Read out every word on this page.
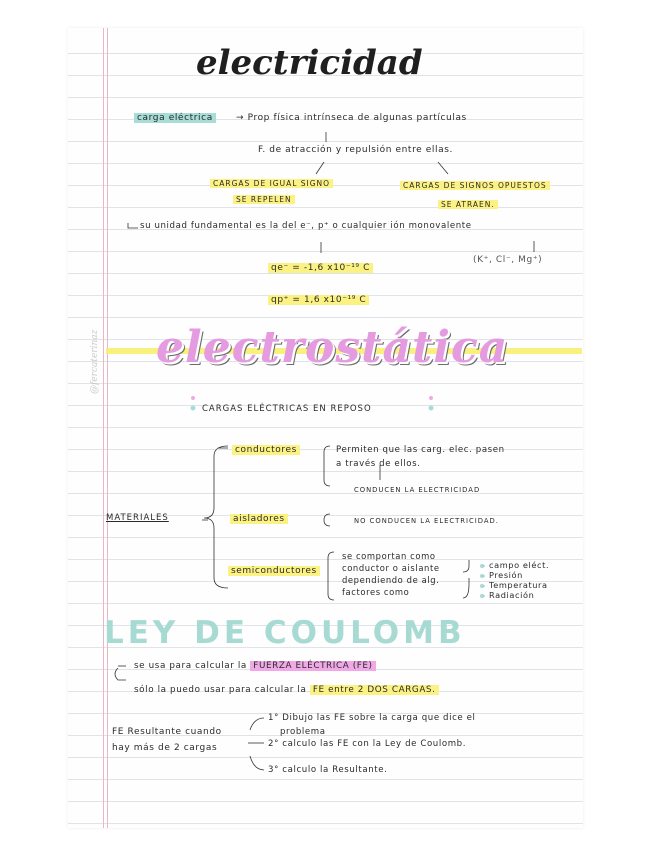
@fercaterinaz
electricidad
carga eléctrica	→ Prop física intrínseca de algunas partículas
F. de atracción y repulsión entre ellas.
CARGAS DE IGUAL SIGNO
SE REPELEN
CARGAS DE SIGNOS OPUESTOS
SE ATRAEN.
su unidad fundamental es la del e⁻, p⁺ o cualquier ión monovalente
(K⁺, Cl⁻, Mg⁺)
qe⁻ = -1,6 x10⁻¹⁹ C
qp⁺ = 1,6 x10⁻¹⁹ C
electrostática
CARGAS ELÉCTRICAS EN REPOSO
MATERIALES
conductores	Permiten que las carg. elec. pasen
a través de ellos.
CONDUCEN LA ELECTRICIDAD
aisladores	NO CONDUCEN LA ELECTRICIDAD.
semiconductores
se comportan como
conductor o aislante
dependiendo de alg.
factores como
campo eléct.
Presión
Temperatura
Radiación
LEY DE COULOMB
se usa para calcular la FUERZA ELÉCTRICA (FE)
sólo la puedo usar para calcular la FE entre 2 DOS CARGAS.
FE Resultante cuando
hay más de 2 cargas
1° Dibujo las FE sobre la carga que dice el
problema
2° calculo las FE con la Ley de Coulomb.
3° calculo la Resultante.
